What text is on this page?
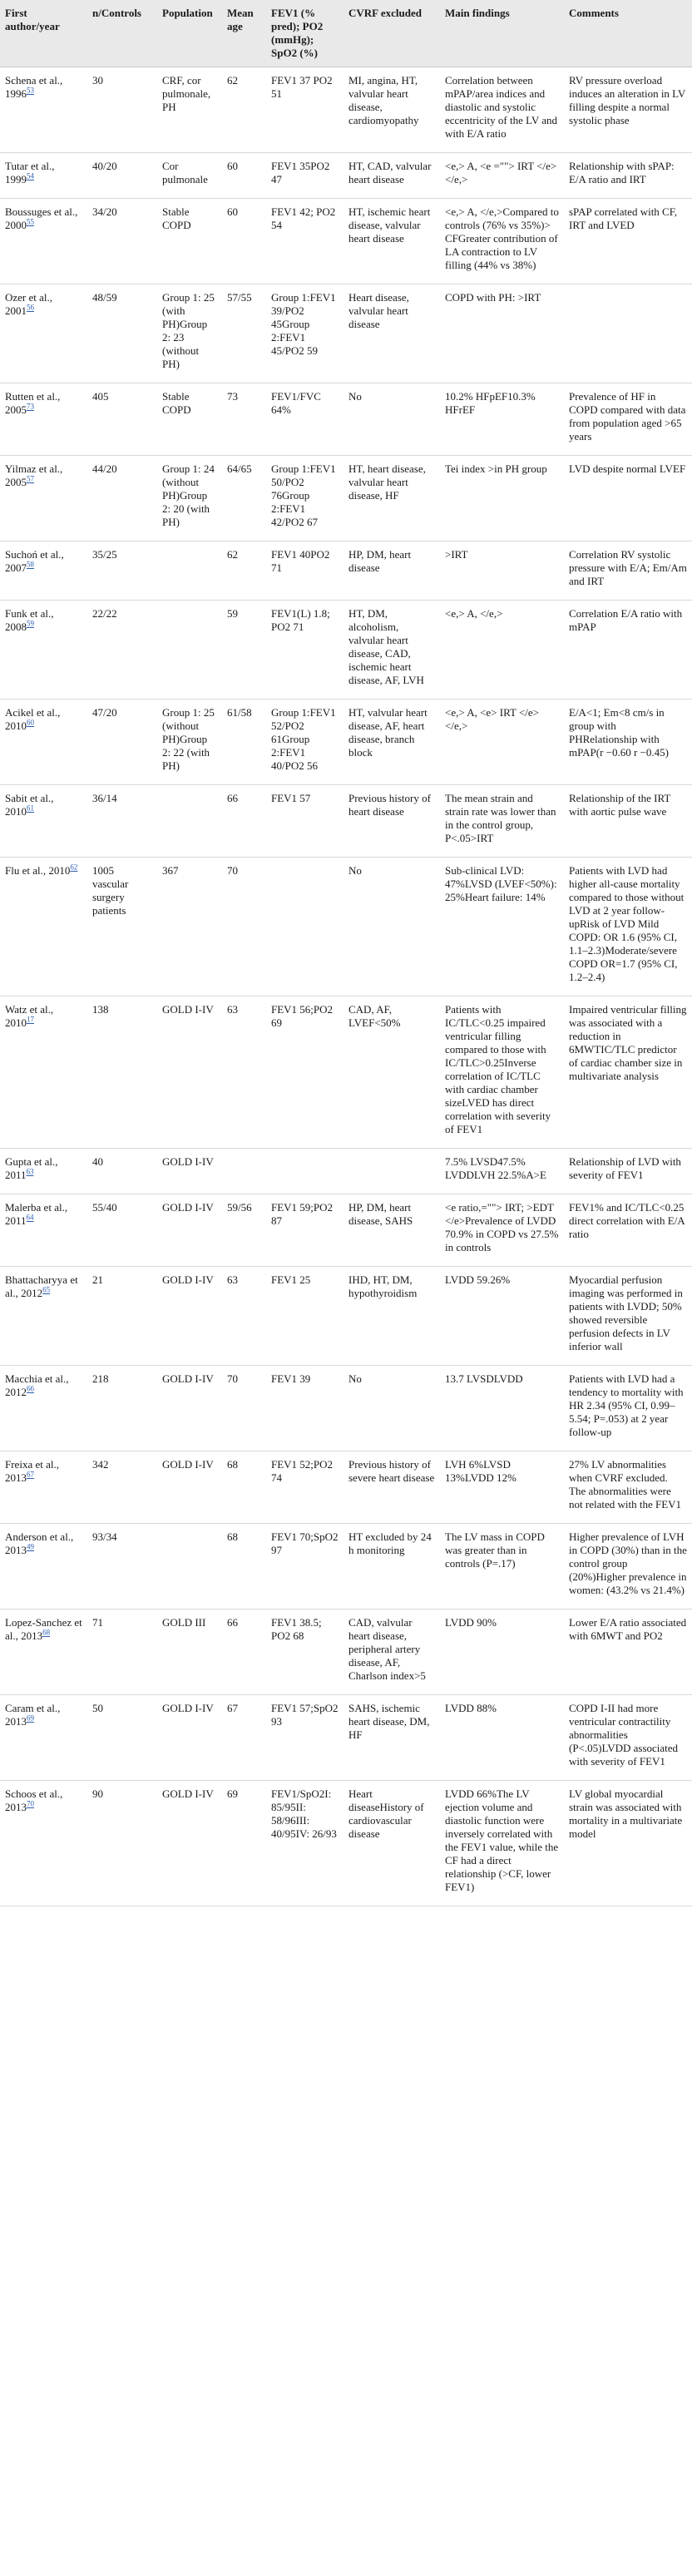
First author/year	n/Controls	Population	Mean age	FEV1 (% pred); PO2 (mmHg); SpO2 (%)	CVRF excluded	Main findings	Comments
Schena et al., 1996$^{53}$	30	CRF, cor pulmonale, PH	62	FEV1 37 PO2 51	MI, angina, HT, valvular heart disease, cardiomyopathy	Correlation between mPAP/area indices and diastolic and systolic eccentricity of the LV and with E/A ratio	RV pressure overload induces an alteration in LV filling despite a normal systolic phase
Tutar et al., 1999$^{54}$	40/20	Cor pulmonale	60	FEV1 35PO2 47	HT, CAD, valvular heart disease	<e,> A, <e =""> IRT </e> </e,>	Relationship with sPAP: E/A ratio and IRT
Boussuges et al., 2000$^{55}$	34/20	Stable COPD	60	FEV1 42; PO2 54	HT, ischemic heart disease, valvular heart disease	<e,> A, </e,>Compared to controls (76% vs 35%)> CFGreater contribution of LA contraction to LV filling (44% vs 38%)	sPAP correlated with CF, IRT and LVED
Ozer et al., 2001$^{56}$	48/59	Group 1: 25 (with PH)Group 2: 23 (without PH)	57/55	Group 1:FEV1 39/PO2 45Group 2:FEV1 45/PO2 59	Heart disease, valvular heart disease	COPD with PH: >IRT	
Rutten et al., 2005$^{73}$	405	Stable COPD	73	FEV1/FVC 64%	No	10.2% HFpEF10.3% HFrEF	Prevalence of HF in COPD compared with data from population aged >65 years
Yilmaz et al., 2005$^{57}$	44/20	Group 1: 24 (without PH)Group 2: 20 (with PH)	64/65	Group 1:FEV1 50/PO2 76Group 2:FEV1 42/PO2 67	HT, heart disease, valvular heart disease, HF	Tei index >in PH group	LVD despite normal LVEF
Suchoń et al., 2007$^{58}$	35/25		62	FEV1 40PO2 71	HP, DM, heart disease	>IRT	Correlation RV systolic pressure with E/A; Em/Am and IRT
Funk et al., 2008$^{59}$	22/22		59	FEV1(L) 1.8; PO2 71	HT, DM, alcoholism, valvular heart disease, CAD, ischemic heart disease, AF, LVH	<e,> A, </e,>	Correlation E/A ratio with mPAP
Acikel et al., 2010$^{60}$	47/20	Group 1: 25 (without PH)Group 2: 22 (with PH)	61/58	Group 1:FEV1 52/PO2 61Group 2:FEV1 40/PO2 56	HT, valvular heart disease, AF, heart disease, branch block	<e,> A, <e> IRT </e> </e,>	E/A<1; Em<8 cm/s in group with PHRelationship with mPAP(r −0.60 r −0.45)
Sabit et al., 2010$^{61}$	36/14		66	FEV1 57	Previous history of heart disease	The mean strain and strain rate was lower than in the control group, P<.05>IRT	Relationship of the IRT with aortic pulse wave
Flu et al., 2010$^{62}$	1005 vascular surgery patients	367	70		No	Sub-clinical LVD: 47%LVSD (LVEF<50%): 25%Heart failure: 14%	Patients with LVD had higher all-cause mortality compared to those without LVD at 2 year follow-upRisk of LVD Mild COPD: OR 1.6 (95% CI, 1.1–2.3)Moderate/severe COPD OR=1.7 (95% CI, 1.2–2.4)
Watz et al., 2010$^{17}$	138	GOLD I-IV	63	FEV1 56;PO2 69	CAD, AF, LVEF<50%	Patients with IC/TLC<0.25 impaired ventricular filling compared to those with IC/TLC>0.25Inverse correlation of IC/TLC with cardiac chamber sizeLVED has direct correlation with severity of FEV1	Impaired ventricular filling was associated with a reduction in 6MWTIC/TLC predictor of cardiac chamber size in multivariate analysis
Gupta et al., 2011$^{63}$	40	GOLD I-IV				7.5% LVSD47.5% LVDDLVH 22.5%A>E	Relationship of LVD with severity of FEV1
Malerba et al., 2011$^{64}$	55/40	GOLD I-IV	59/56	FEV1 59;PO2 87	HP, DM, heart disease, SAHS	<e ratio,=""> IRT; >EDT </e>Prevalence of LVDD 70.9% in COPD vs 27.5% in controls	FEV1% and IC/TLC<0.25 direct correlation with E/A ratio
Bhattacharyya et al., 2012$^{65}$	21	GOLD I-IV	63	FEV1 25	IHD, HT, DM, hypothyroidism	LVDD 59.26%	Myocardial perfusion imaging was performed in patients with LVDD; 50% showed reversible perfusion defects in LV inferior wall
Macchia et al., 2012$^{66}$	218	GOLD I-IV	70	FEV1 39	No	13.7 LVSDLVDD	Patients with LVD had a tendency to mortality with HR 2.34 (95% CI, 0.99–5.54; P=.053) at 2 year follow-up
Freixa et al., 2013$^{67}$	342	GOLD I-IV	68	FEV1 52;PO2 74	Previous history of severe heart disease	LVH 6%LVSD 13%LVDD 12%	27% LV abnormalities when CVRF excluded. The abnormalities were not related with the FEV1
Anderson et al., 2013$^{49}$	93/34		68	FEV1 70;SpO2 97	HT excluded by 24 h monitoring	The LV mass in COPD was greater than in controls (P=.17)	Higher prevalence of LVH in COPD (30%) than in the control group (20%)Higher prevalence in women: (43.2% vs 21.4%)
Lopez-Sanchez et al., 2013$^{68}$	71	GOLD III	66	FEV1 38.5; PO2 68	CAD, valvular heart disease, peripheral artery disease, AF, Charlson index>5	LVDD 90%	Lower E/A ratio associated with 6MWT and PO2
Caram et al., 2013$^{69}$	50	GOLD I-IV	67	FEV1 57;SpO2 93	SAHS, ischemic heart disease, DM, HF	LVDD 88%	COPD I-II had more ventricular contractility abnormalities (P<.05)LVDD associated with severity of FEV1
Schoos et al., 2013$^{70}$	90	GOLD I-IV	69	FEV1/SpO2I: 85/95II: 58/96III: 40/95IV: 26/93	Heart diseaseHistory of cardiovascular disease	LVDD 66%The LV ejection volume and diastolic function were inversely correlated with the FEV1 value, while the CF had a direct relationship (>CF, lower FEV1)	LV global myocardial strain was associated with mortality in a multivariate model
